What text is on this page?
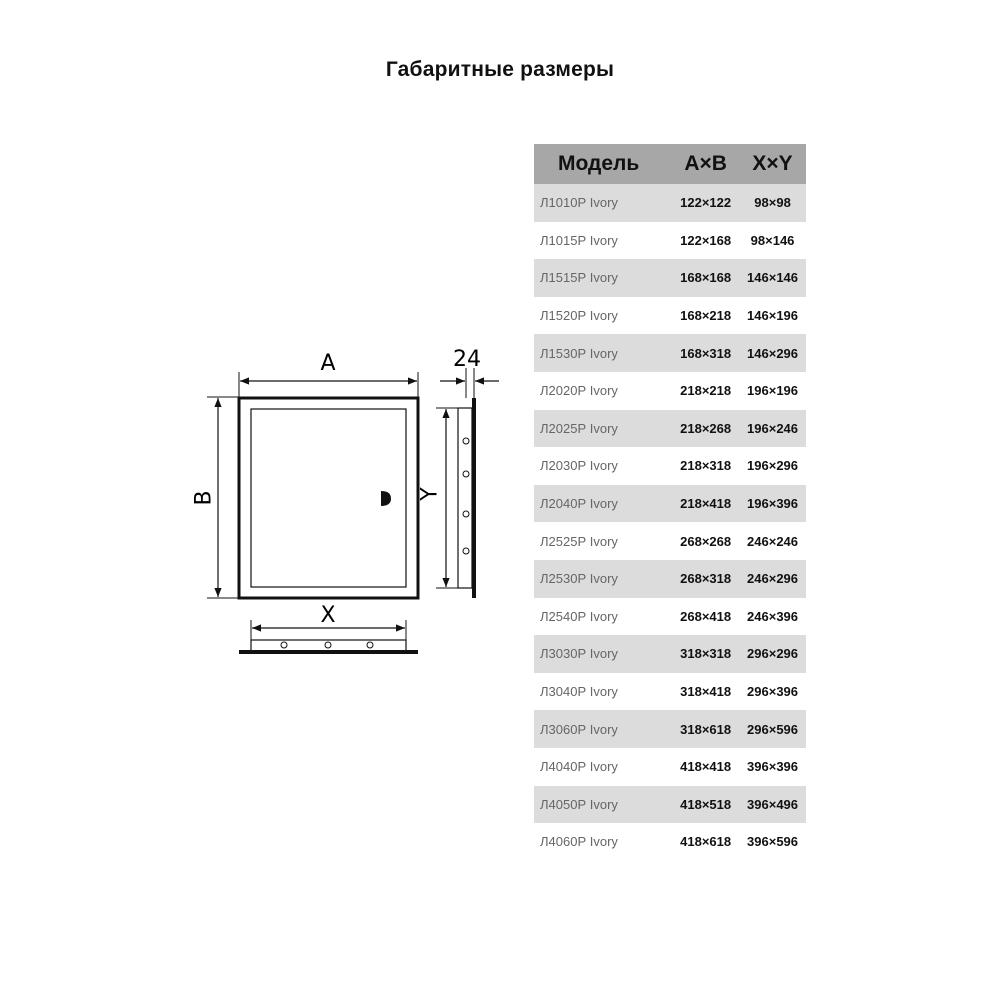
Габаритные размеры
A
B
24
Y
X
Модель	A×B	X×Y
Л1010Р Ivory	122×122	98×98
Л1015Р Ivory	122×168	98×146
Л1515Р Ivory	168×168	146×146
Л1520Р Ivory	168×218	146×196
Л1530Р Ivory	168×318	146×296
Л2020Р Ivory	218×218	196×196
Л2025Р Ivory	218×268	196×246
Л2030Р Ivory	218×318	196×296
Л2040Р Ivory	218×418	196×396
Л2525Р Ivory	268×268	246×246
Л2530Р Ivory	268×318	246×296
Л2540Р Ivory	268×418	246×396
Л3030Р Ivory	318×318	296×296
Л3040Р Ivory	318×418	296×396
Л3060Р Ivory	318×618	296×596
Л4040Р Ivory	418×418	396×396
Л4050Р Ivory	418×518	396×496
Л4060Р Ivory	418×618	396×596
